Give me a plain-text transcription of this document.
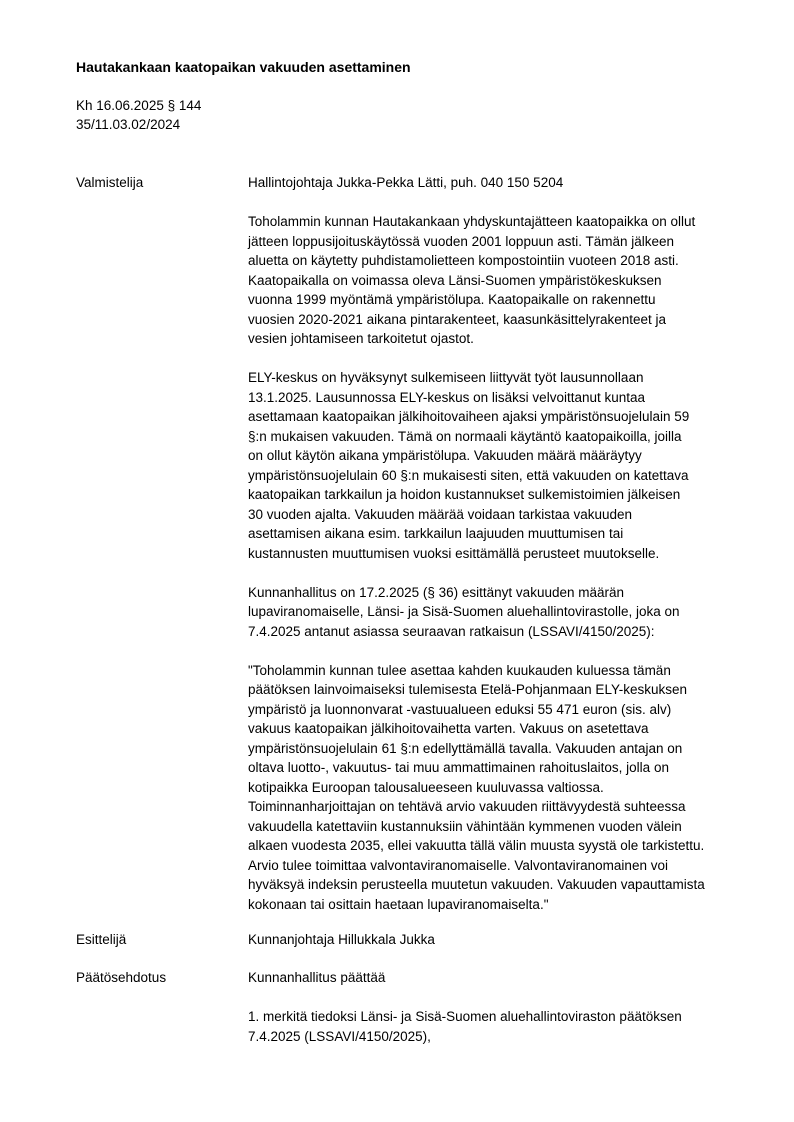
Hautakankaan kaatopaikan vakuuden asettaminen
Kh 16.06.2025 § 144
35/11.03.02/2024
Valmistelija	Hallintojohtaja Jukka-Pekka Lätti, puh. 040 150 5204

Toholammin kunnan Hautakankaan yhdyskuntajätteen kaatopaikka on ollut
jätteen loppusijoituskäytössä vuoden 2001 loppuun asti. Tämän jälkeen
aluetta on käytetty puhdistamolietteen kompostointiin vuoteen 2018 asti.
Kaatopaikalla on voimassa oleva Länsi-Suomen ympäristökeskuksen
vuonna 1999 myöntämä ympäristölupa. Kaatopaikalle on rakennettu
vuosien 2020-2021 aikana pintarakenteet, kaasunkäsittelyrakenteet ja
vesien johtamiseen tarkoitetut ojastot.

ELY-keskus on hyväksynyt sulkemiseen liittyvät työt lausunnollaan
13.1.2025. Lausunnossa ELY-keskus on lisäksi velvoittanut kuntaa
asettamaan kaatopaikan jälkihoitovaiheen ajaksi ympäristönsuojelulain 59
§:n mukaisen vakuuden. Tämä on normaali käytäntö kaatopaikoilla, joilla
on ollut käytön aikana ympäristölupa. Vakuuden määrä määräytyy
ympäristönsuojelulain 60 §:n mukaisesti siten, että vakuuden on katettava
kaatopaikan tarkkailun ja hoidon kustannukset sulkemistoimien jälkeisen
30 vuoden ajalta. Vakuuden määrää voidaan tarkistaa vakuuden
asettamisen aikana esim. tarkkailun laajuuden muuttumisen tai
kustannusten muuttumisen vuoksi esittämällä perusteet muutokselle.

Kunnanhallitus on 17.2.2025 (§ 36) esittänyt vakuuden määrän
lupaviranomaiselle, Länsi- ja Sisä-Suomen aluehallintovirastolle, joka on
7.4.2025 antanut asiassa seuraavan ratkaisun (LSSAVI/4150/2025):

"Toholammin kunnan tulee asettaa kahden kuukauden kuluessa tämän
päätöksen lainvoimaiseksi tulemisesta Etelä-Pohjanmaan ELY-keskuksen
ympäristö ja luonnonvarat -vastuualueen eduksi 55 471 euron (sis. alv)
vakuus kaatopaikan jälkihoitovaihetta varten. Vakuus on asetettava
ympäristönsuojelulain 61 §:n edellyttämällä tavalla. Vakuuden antajan on
oltava luotto-, vakuutus- tai muu ammattimainen rahoituslaitos, jolla on
kotipaikka Euroopan talousalueeseen kuuluvassa valtiossa.
Toiminnanharjoittajan on tehtävä arvio vakuuden riittävyydestä suhteessa
vakuudella katettaviin kustannuksiin vähintään kymmenen vuoden välein
alkaen vuodesta 2035, ellei vakuutta tällä välin muusta syystä ole tarkistettu.
Arvio tulee toimittaa valvontaviranomaiselle. Valvontaviranomainen voi
hyväksyä indeksin perusteella muutetun vakuuden. Vakuuden vapauttamista
kokonaan tai osittain haetaan lupaviranomaiselta."

Esittelijä	Kunnanjohtaja Hillukkala Jukka
Päätösehdotus	Kunnanhallitus päättää

1. merkitä tiedoksi Länsi- ja Sisä-Suomen aluehallintoviraston päätöksen
7.4.2025 (LSSAVI/4150/2025),
